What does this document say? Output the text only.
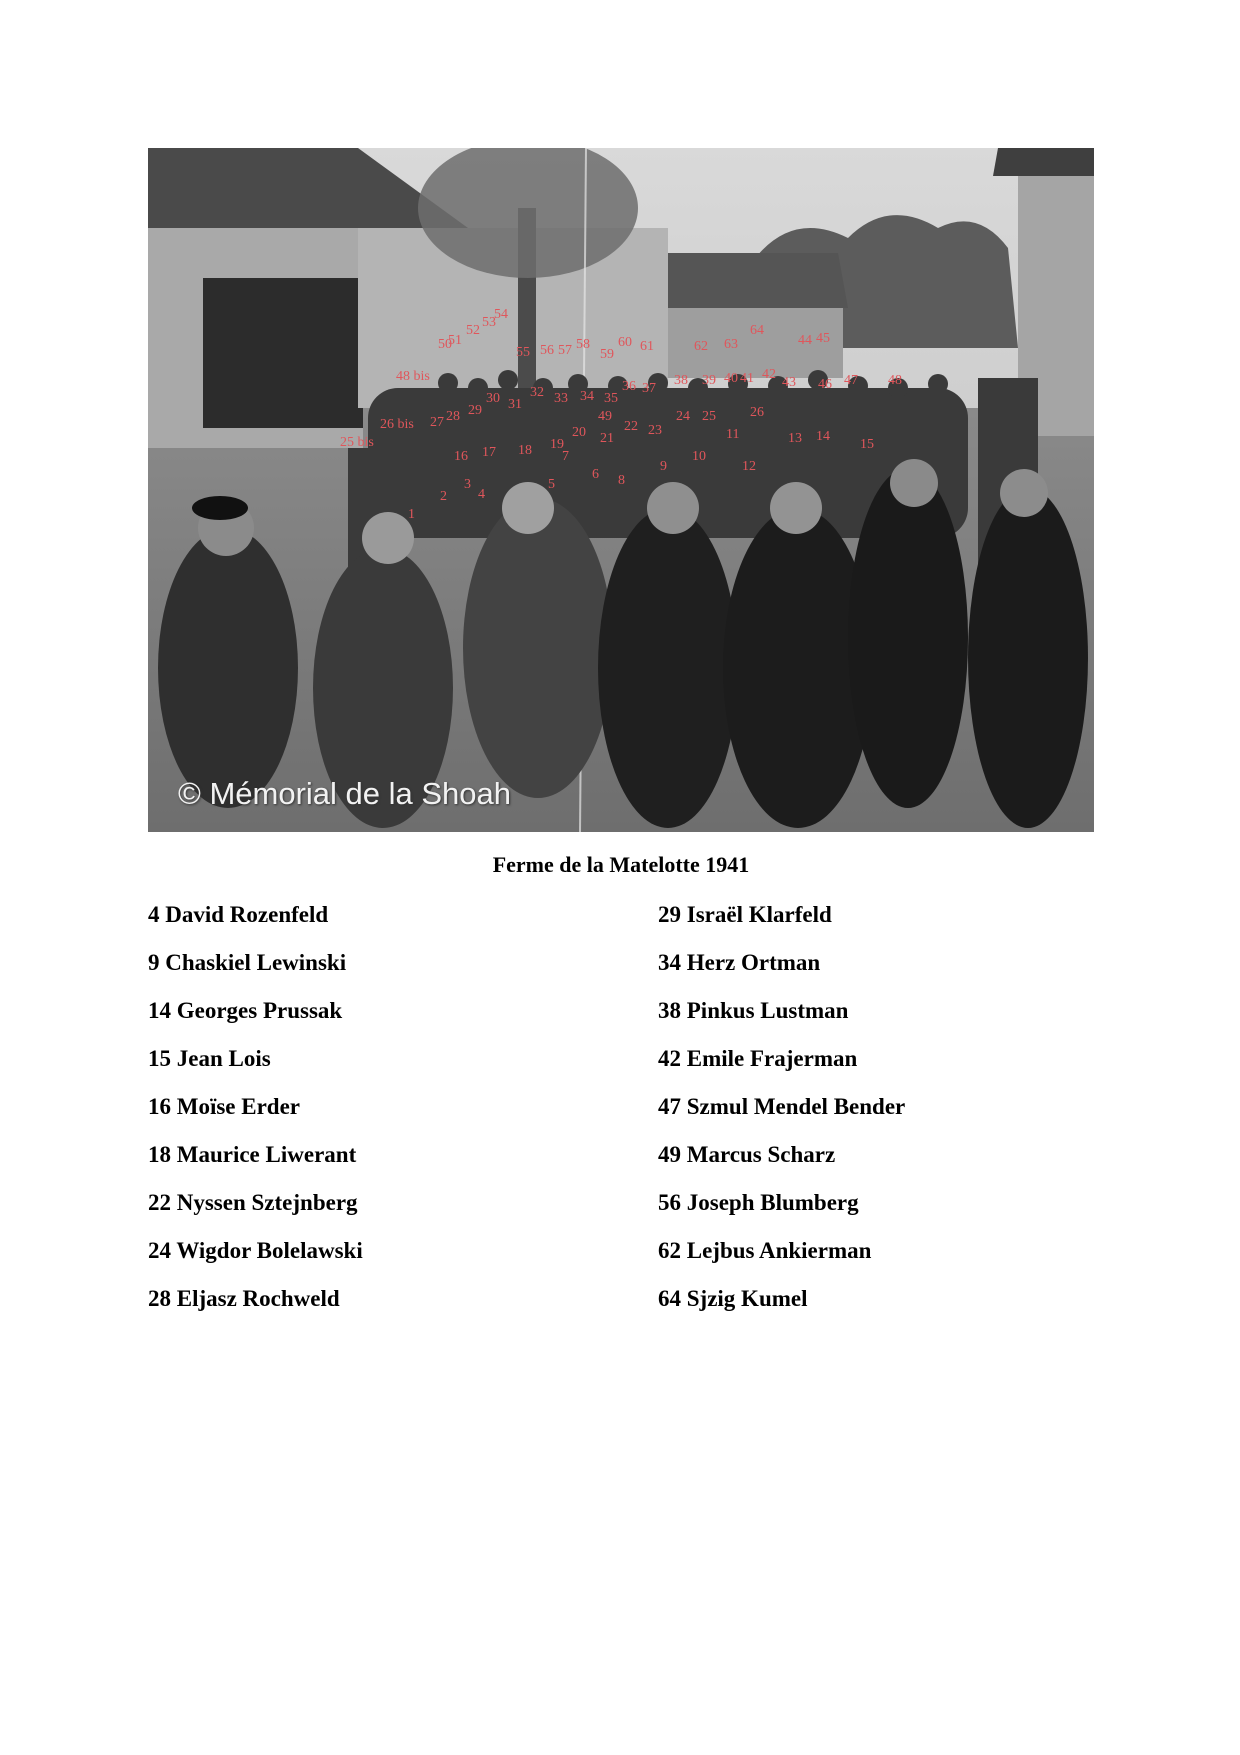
© Mémorial de la Shoah
25 bis
26 bis
48 bis
27 28 29
30 31
32 33 34 35
36 37
38 39 40 41 42
43
44 45
46 47 48
49
50
51
52
53
54
55 56 57 58
59
60 61	62 63
64
1
2
3
4
5
6
7
8
9
10
11
12
13 14
15
16 17 18 19
20 21
22 23
24 25 26
Ferme de la Matelotte 1941
4 David Rozenfeld
9 Chaskiel Lewinski
14 Georges Prussak
15 Jean Lois
16 Moïse Erder
18 Maurice Liwerant
22 Nyssen Sztejnberg
24 Wigdor Bolelawski
28 Eljasz Rochweld
29 Israël Klarfeld
34 Herz Ortman
38 Pinkus Lustman
42 Emile Frajerman
47 Szmul Mendel Bender
49 Marcus Scharz
56 Joseph Blumberg
62 Lejbus Ankierman
64 Sjzig Kumel
